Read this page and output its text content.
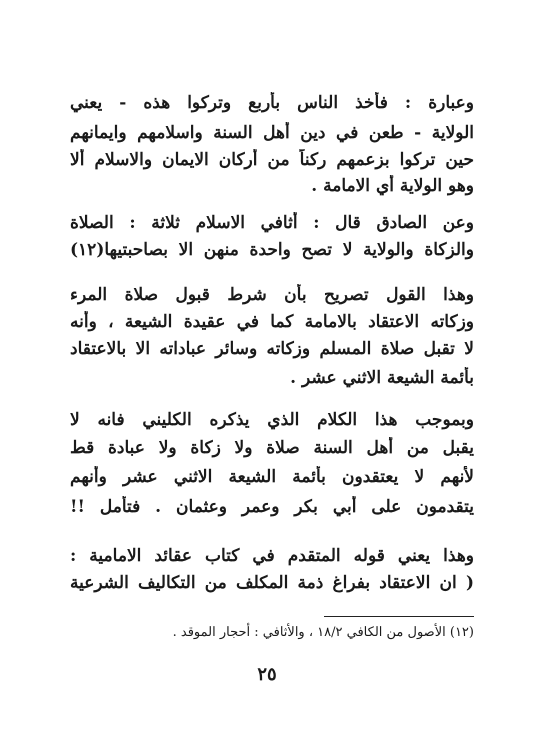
وعبارة : فأخذ الناس بأربع وتركوا هذه - يعني
الولاية - طعن في دين أهل السنة واسلامهم وايمانهم
حين تركوا بزعمهم ركناً من أركان الايمان والاسلام ألا
وهو الولاية أي الامامة .
وعن الصادق قال : أثافي الاسلام ثلاثة : الصلاة
والزكاة والولاية لا تصح واحدة منهن الا بصاحبتيها(١٢)
وهذا القول تصريح بأن شرط قبول صلاة المرء
وزكاته الاعتقاد بالامامة كما في عقيدة الشيعة ، وأنه
لا تقبل صلاة المسلم وزكاته وسائر عباداته الا بالاعتقاد
بأئمة الشيعة الاثني عشر .
وبموجب هذا الكلام الذي يذكره الكليني فانه لا
يقبل من أهل السنة صلاة ولا زكاة ولا عبادة قط
لأنهم لا يعتقدون بأئمة الشيعة الاثني عشر وأنهم
يتقدمون على أبي بكر وعمر وعثمان . فتأمل !!
وهذا يعني قوله المتقدم في كتاب عقائد الامامية :
( ان الاعتقاد بفراغ ذمة المكلف من التكاليف الشرعية
(١٢) الأصول من الكافي ١٨/٢ ، والأثافي : أحجار الموقد .
٢٥
